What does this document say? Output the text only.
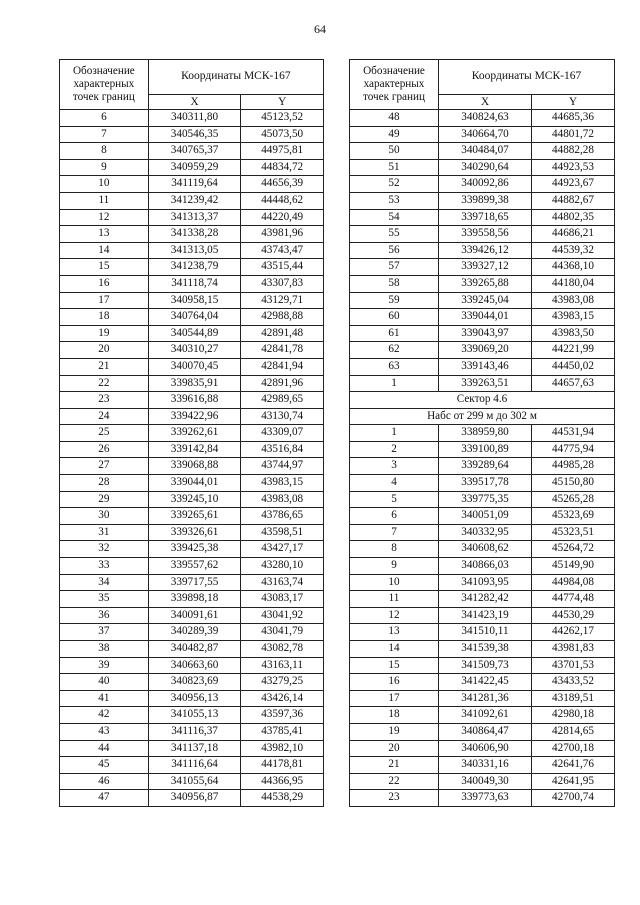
64
Обозначение характерных точек границ	Координаты МСК-167	
	X	Y
6	340311,80	45123,52
7	340546,35	45073,50
8	340765,37	44975,81
9	340959,29	44834,72
10	341119,64	44656,39
11	341239,42	44448,62
12	341313,37	44220,49
13	341338,28	43981,96
14	341313,05	43743,47
15	341238,79	43515,44
16	341118,74	43307,83
17	340958,15	43129,71
18	340764,04	42988,88
19	340544,89	42891,48
20	340310,27	42841,78
21	340070,45	42841,94
22	339835,91	42891,96
23	339616,88	42989,65
24	339422,96	43130,74
25	339262,61	43309,07
26	339142,84	43516,84
27	339068,88	43744,97
28	339044,01	43983,15
29	339245,10	43983,08
30	339265,61	43786,65
31	339326,61	43598,51
32	339425,38	43427,17
33	339557,62	43280,10
34	339717,55	43163,74
35	339898,18	43083,17
36	340091,61	43041,92
37	340289,39	43041,79
38	340482,87	43082,78
39	340663,60	43163,11
40	340823,69	43279,25
41	340956,13	43426,14
42	341055,13	43597,36
43	341116,37	43785,41
44	341137,18	43982,10
45	341116,64	44178,81
46	341055,64	44366,95
47	340956,87	44538,29
Обозначение характерных точек границ	Координаты МСК-167	
	X	Y
48	340824,63	44685,36
49	340664,70	44801,72
50	340484,07	44882,28
51	340290,64	44923,53
52	340092,86	44923,67
53	339899,38	44882,67
54	339718,65	44802,35
55	339558,56	44686,21
56	339426,12	44539,32
57	339327,12	44368,10
58	339265,88	44180,04
59	339245,04	43983,08
60	339044,01	43983,15
61	339043,97	43983,50
62	339069,20	44221,99
63	339143,46	44450,02
1	339263,51	44657,63
Сектор 4.6		
Набс от 299 м до 302 м		
1	338959,80	44531,94
2	339100,89	44775,94
3	339289,64	44985,28
4	339517,78	45150,80
5	339775,35	45265,28
6	340051,09	45323,69
7	340332,95	45323,51
8	340608,62	45264,72
9	340866,03	45149,90
10	341093,95	44984,08
11	341282,42	44774,48
12	341423,19	44530,29
13	341510,11	44262,17
14	341539,38	43981,83
15	341509,73	43701,53
16	341422,45	43433,52
17	341281,36	43189,51
18	341092,61	42980,18
19	340864,47	42814,65
20	340606,90	42700,18
21	340331,16	42641,76
22	340049,30	42641,95
23	339773,63	42700,74
